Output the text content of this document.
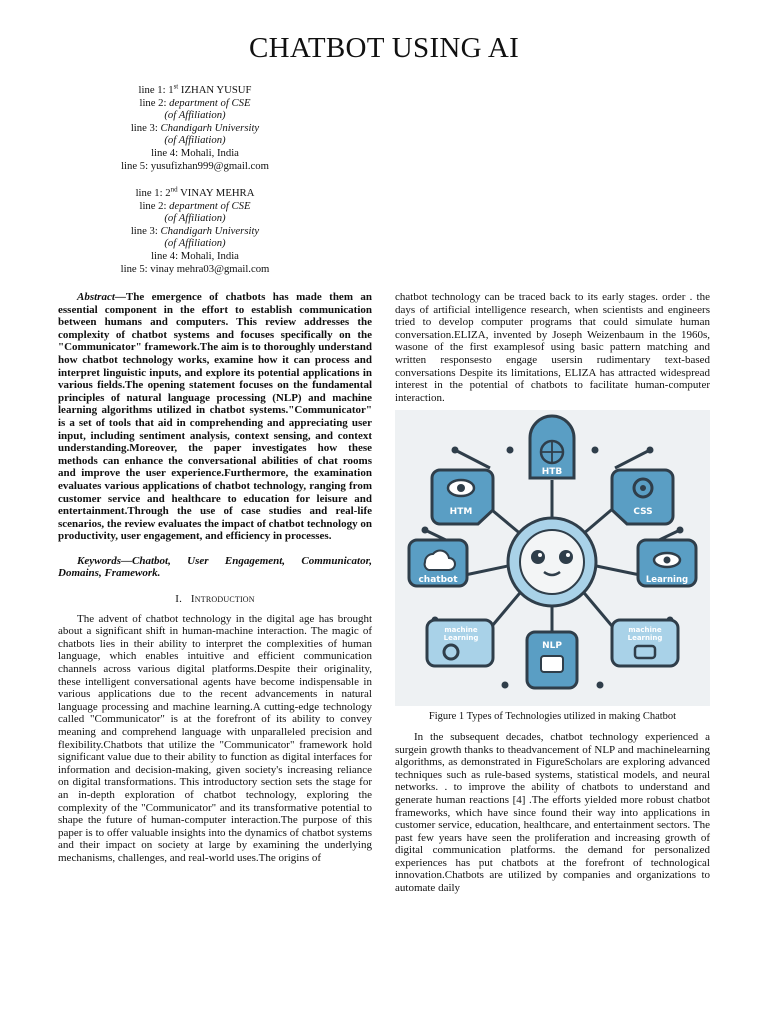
CHATBOT USING AI
line 1: 1st IZHAN YUSUF
line 2: department of CSE
(of Affiliation)
line 3: Chandigarh University
(of Affiliation)
line 4: Mohali, India
line 5: yusufizhan999@gmail.com
line 1: 2nd VINAY MEHRA
line 2: department of CSE
(of Affiliation)
line 3: Chandigarh University
(of Affiliation)
line 4: Mohali, India
line 5: vinay mehra03@gmail.com

Abstract—The emergence of chatbots has made them an essential component in the effort to establish communication between humans and computers. This review addresses the complexity of chatbot systems and focuses specifically on the "Communicator" framework.The aim is to thoroughly understand how chatbot technology works, examine how it can process and interpret linguistic inputs, and explore its potential applications in various fields.The opening statement focuses on the fundamental principles of natural language processing (NLP) and machine learning algorithms utilized in chatbot systems."Communicator" is a set of tools that aid in comprehending and appreciating user input, including sentiment analysis, context sensing, and context understanding.Moreover, the paper investigates how these methods can enhance the conversational abilities of chat rooms and improve the user experience.Furthermore, the examination evaluates various applications of chatbot technology, ranging from customer service and healthcare to education for leisure and entertainment.Through the use of case studies and real-life scenarios, the review evaluates the impact of chatbot technology on productivity, user engagement, and efficiency in processes.

Keywords—Chatbot, User Engagement, Communicator, Domains, Framework.

I. Introduction

The advent of chatbot technology in the digital age has brought about a significant shift in human-machine interaction. The magic of chatbots lies in their ability to interpret the complexities of human language, which enables intuitive and efficient communication channels across various digital platforms.Despite their originality, these intelligent conversational agents have become indispensable in various applications due to the recent advancements in natural language processing and machine learning.A cutting-edge technology called "Communicator" is at the forefront of its ability to convey meaning and comprehend language with unparalleled precision and flexibility.Chatbots that utilize the "Communicator" framework hold significant value due to their ability to function as digital interfaces for information and decision-making, given society's increasing reliance on digital transformations. This introductory section sets the stage for an in-depth exploration of chatbot technology, exploring the complexity of the "Communicator" and its transformative potential to shape the future of human-computer interaction.The purpose of this paper is to offer valuable insights into the dynamics of chatbot systems and their impact on society at large by examining the underlying mechanisms, challenges, and real-world uses.The origins of

chatbot technology can be traced back to its early stages. order . the days of artificial intelligence research, when scientists and engineers tried to develop computer programs that could simulate human conversation.ELIZA, invented by Joseph Weizenbaum in the 1960s, wasone of the first examplesof using basic pattern matching and written responsesto engage usersin rudimentary text-based conversations Despite its limitations, ELIZA has attracted widespread interest in the potential of chatbots to facilitate human-computer interaction.

HTB
HTM	CSS
chatbot	Learning
machine
Learning
NLP
machine
Learning
Figure 1 Types of Technologies utilized in making Chatbot

In the subsequent decades, chatbot technology experienced a surgein growth thanks to theadvancement of NLP and machinelearning algorithms, as demonstrated in FigureScholars are exploring advanced techniques such as rule-based systems, statistical models, and neural networks. . to improve the ability of chatbots to understand and generate human reactions [4] .The efforts yielded more robust chatbot frameworks, which have since found their way into applications in customer service, education, healthcare, and entertainment sectors. The past few years have seen the proliferation and increasing growth of digital communication platforms. the demand for personalized experiences has put chatbots at the forefront of technological innovation.Chatbots are utilized by companies and organizations to automate daily
